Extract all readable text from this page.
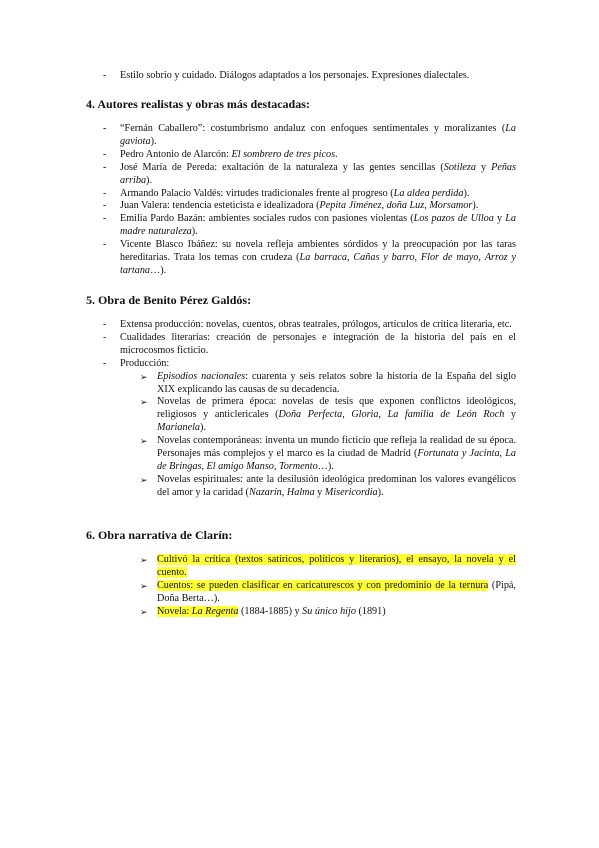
- Estilo sobrio y cuidado. Diálogos adaptados a los personajes. Expresiones dialectales.
4. Autores realistas y obras más destacadas:
- “Fernán Caballero”: costumbrismo andaluz con enfoques sentimentales y moralizantes (La gaviota).
- Pedro Antonio de Alarcón: El sombrero de tres picos.
- José María de Pereda: exaltación de la naturaleza y las gentes sencillas (Sotileza y Peñas arriba).
- Armando Palacio Valdés: virtudes tradicionales frente al progreso (La aldea perdida).
- Juan Valera: tendencia esteticista e idealizadora (Pepita Jiménez, doña Luz, Morsamor).
- Emilia Pardo Bazán: ambientes sociales rudos con pasiones violentas (Los pazos de Ulloa y La madre naturaleza).
- Vicente Blasco Ibáñez: su novela refleja ambientes sórdidos y la preocupación por las taras hereditarias. Trata los temas con crudeza (La barraca, Cañas y barro, Flor de mayo, Arroz y tartana…).
5. Obra de Benito Pérez Galdós:
- Extensa producción: novelas, cuentos, obras teatrales, prólogos, artículos de crítica literaria, etc.
- Cualidades literarias: creación de personajes e integración de la historia del país en el microcosmos ficticio.
- Producción:
➢ Episodios nacionales: cuarenta y seis relatos sobre la historia de la España del siglo XIX explicando las causas de su decadencia.
➢ Novelas de primera época: novelas de tesis que exponen conflictos ideológicos, religiosos y anticlericales (Doña Perfecta, Gloria, La familia de León Roch y Marianela).
➢ Novelas contemporáneas: inventa un mundo ficticio que refleja la realidad de su época. Personajes más complejos y el marco es la ciudad de Madrid (Fortunata y Jacinta, La de Bringas, El amigo Manso, Tormento…).
➢ Novelas espirituales: ante la desilusión ideológica predominan los valores evangélicos del amor y la caridad (Nazarín, Halma y Misericordia).
6. Obra narrativa de Clarín:
➢ Cultivó la crítica (textos satíricos, políticos y literarios), el ensayo, la novela y el cuento.
➢ Cuentos: se pueden clasificar en caricaturescos y con predominio de la ternura (Pipá, Doña Berta…).
➢ Novela: La Regenta (1884-1885) y Su único hijo (1891)
